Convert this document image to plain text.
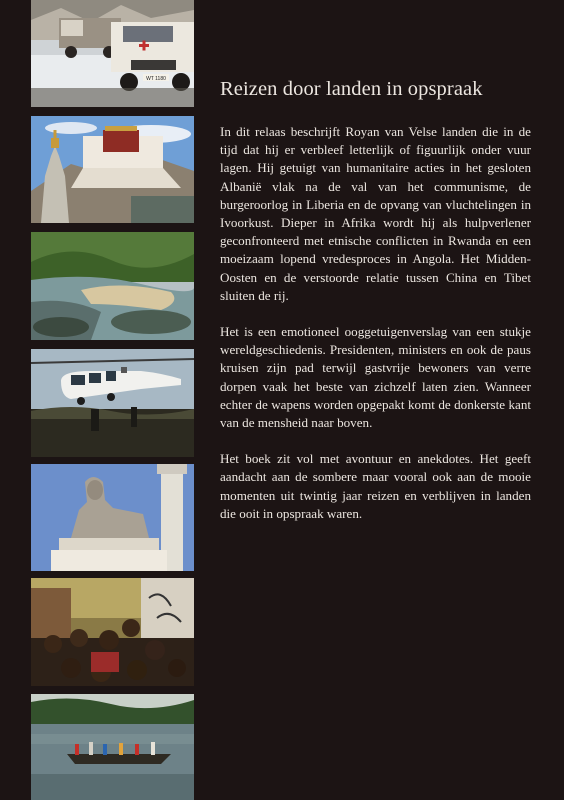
WT 1180	Reizen door landen in opspraak

In dit relaas beschrijft Royan van Velse landen die in de tijd dat hij er verbleef letterlijk of figuurlijk onder vuur lagen. Hij getuigt van humanitaire acties in het gesloten Albanië vlak na de val van het communisme, de burgeroorlog in Liberia en de opvang van vluchtelingen in Ivoorkust. Dieper in Afrika wordt hij als hulpverlener geconfronteerd met etnische conflicten in Rwanda en een moeizaam lopend vredesproces in Angola. Het Midden-Oosten en de verstoorde relatie tussen China en Tibet sluiten de rij.

Het is een emotioneel ooggetuigenverslag van een stukje wereldgeschiedenis. Presidenten, ministers en ook de paus kruisen zijn pad terwijl gastvrije bewoners van verre dorpen vaak het beste van zichzelf laten zien. Wanneer echter de wapens worden opgepakt komt de donkerste kant van de mensheid naar boven.

Het boek zit vol met avontuur en anekdotes. Het geeft aandacht aan de sombere maar vooral ook aan de mooie momenten uit twintig jaar reizen en verblijven in landen die ooit in opspraak waren.
